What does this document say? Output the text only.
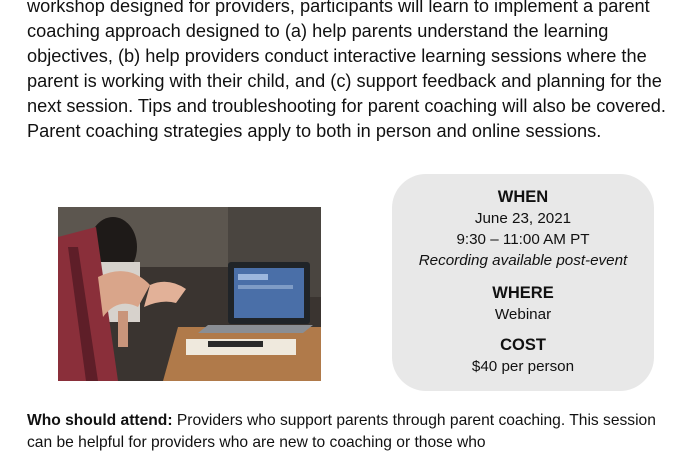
workshop designed for providers, participants will learn to implement a parent coaching approach designed to (a) help parents understand the learning objectives, (b) help providers conduct interactive learning sessions where the parent is working with their child, and (c) support feedback and planning for the next session. Tips and troubleshooting for parent coaching will also be covered. Parent coaching strategies apply to both in person and online sessions.

WHEN
June 23, 2021
9:30 – 11:00 AM PT
Recording available post-event
WHERE
Webinar
COST
$40 per person

Who should attend: Providers who support parents through parent coaching. This session can be helpful for providers who are new to coaching or those who
